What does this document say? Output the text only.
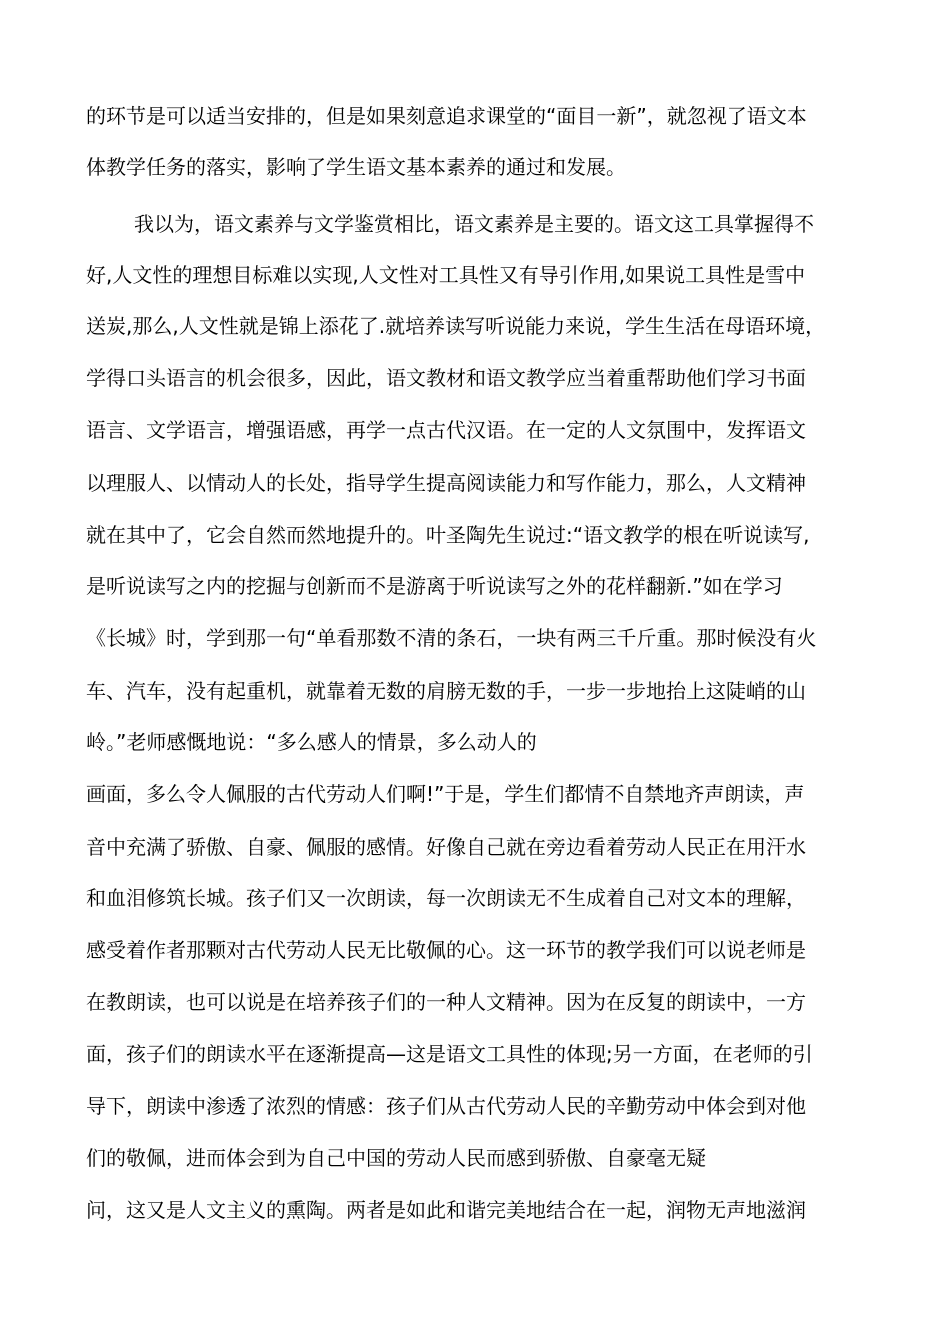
的环节是可以适当安排的，但是如果刻意追求课堂的“面目一新”，就忽视了语文本
体教学任务的落实，影响了学生语文基本素养的通过和发展。
我以为，语文素养与文学鉴赏相比，语文素养是主要的。语文这工具掌握得不
好,人文性的理想目标难以实现,人文性对工具性又有导引作用,如果说工具性是雪中
送炭,那么,人文性就是锦上添花了.就培养读写听说能力来说，学生生活在母语环境，
学得口头语言的机会很多，因此，语文教材和语文教学应当着重帮助他们学习书面
语言、文学语言，增强语感，再学一点古代汉语。在一定的人文氛围中，发挥语文
以理服人、以情动人的长处，指导学生提高阅读能力和写作能力，那么，人文精神
就在其中了，它会自然而然地提升的。叶圣陶先生说过:“语文教学的根在听说读写,
是听说读写之内的挖掘与创新而不是游离于听说读写之外的花样翻新.”如在学习
《长城》时，学到那一句“单看那数不清的条石，一块有两三千斤重。那时候没有火
车、汽车，没有起重机，就靠着无数的肩膀无数的手，一步一步地抬上这陡峭的山
岭。”老师感慨地说：“多么感人的情景，多么动人的
画面，多么令人佩服的古代劳动人们啊!”于是，学生们都情不自禁地齐声朗读，声
音中充满了骄傲、自豪、佩服的感情。好像自己就在旁边看着劳动人民正在用汗水
和血泪修筑长城。孩子们又一次朗读，每一次朗读无不生成着自己对文本的理解，
感受着作者那颗对古代劳动人民无比敬佩的心。这一环节的教学我们可以说老师是
在教朗读，也可以说是在培养孩子们的一种人文精神。因为在反复的朗读中，一方
面，孩子们的朗读水平在逐渐提高—这是语文工具性的体现;另一方面，在老师的引
导下，朗读中渗透了浓烈的情感：孩子们从古代劳动人民的辛勤劳动中体会到对他
们的敬佩，进而体会到为自己中国的劳动人民而感到骄傲、自豪毫无疑
问，这又是人文主义的熏陶。两者是如此和谐完美地结合在一起，润物无声地滋润
